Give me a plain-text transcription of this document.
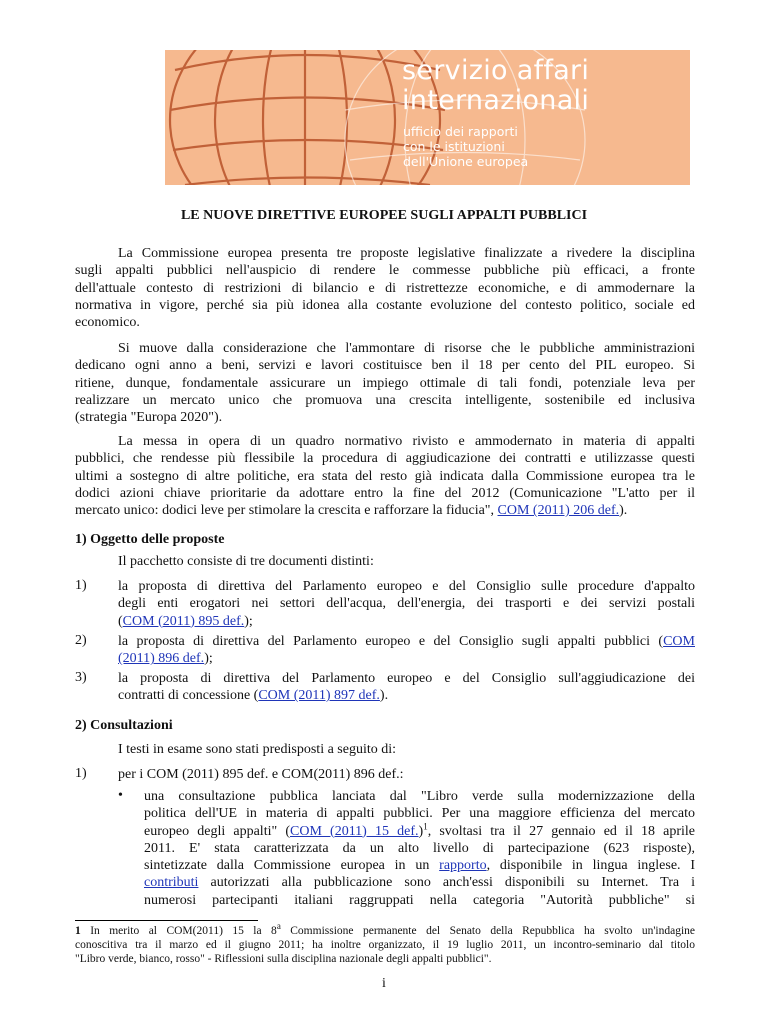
servizio affari
internazionali
ufficio dei rapporti
con le istituzioni
dell'Unione europea
LE NUOVE DIRETTIVE EUROPEE SUGLI APPALTI PUBBLICI
La Commissione europea presenta tre proposte legislative finalizzate a rivedere la disciplina
sugli appalti pubblici nell'auspicio di rendere le commesse pubbliche più efficaci, a fronte
dell'attuale contesto di restrizioni di bilancio e di ristrettezze economiche, e di ammodernare la
normativa in vigore, perché sia più idonea alla costante evoluzione del contesto politico, sociale ed
economico.
Si muove dalla considerazione che l'ammontare di risorse che le pubbliche amministrazioni
dedicano ogni anno a beni, servizi e lavori costituisce ben il 18 per cento del PIL europeo. Si
ritiene, dunque, fondamentale assicurare un impiego ottimale di tali fondi, potenziale leva per
realizzare un mercato unico che promuova una crescita intelligente, sostenibile ed inclusiva
(strategia "Europa 2020").
La messa in opera di un quadro normativo rivisto e ammodernato in materia di appalti
pubblici, che rendesse più flessibile la procedura di aggiudicazione dei contratti e utilizzasse questi
ultimi a sostegno di altre politiche, era stata del resto già indicata dalla Commissione europea tra le
dodici azioni chiave prioritarie da adottare entro la fine del 2012 (Comunicazione "L'atto per il
mercato unico: dodici leve per stimolare la crescita e rafforzare la fiducia", COM (2011) 206 def.).
1) Oggetto delle proposte
Il pacchetto consiste di tre documenti distinti:
1) la proposta di direttiva del Parlamento europeo e del Consiglio sulle procedure d'appalto
degli enti erogatori nei settori dell'acqua, dell'energia, dei trasporti e dei servizi postali
(COM (2011) 895 def.);
2) la proposta di direttiva del Parlamento europeo e del Consiglio sugli appalti pubblici (COM
(2011) 896 def.);
3) la proposta di direttiva del Parlamento europeo e del Consiglio sull'aggiudicazione dei
contratti di concessione (COM (2011) 897 def.).
2) Consultazioni
I testi in esame sono stati predisposti a seguito di:
1) per i COM (2011) 895 def. e COM(2011) 896 def.:
• una consultazione pubblica lanciata dal "Libro verde sulla modernizzazione della
politica dell'UE in materia di appalti pubblici. Per una maggiore efficienza del mercato
europeo degli appalti" (COM (2011) 15 def.)$^1$, svoltasi tra il 27 gennaio ed il 18 aprile
2011. E' stata caratterizzata da un alto livello di partecipazione (623 risposte),
sintetizzate dalla Commissione europea in un rapporto, disponibile in lingua inglese. I
contributi autorizzati alla pubblicazione sono anch'essi disponibili su Internet. Tra i
numerosi partecipanti italiani raggruppati nella categoria "Autorità pubbliche" si
1 In merito al COM(2011) 15 la 8$^a$ Commissione permanente del Senato della Repubblica ha svolto un'indagine
conoscitiva tra il marzo ed il giugno 2011; ha inoltre organizzato, il 19 luglio 2011, un incontro-seminario dal titolo
"Libro verde, bianco, rosso" - Riflessioni sulla disciplina nazionale degli appalti pubblici".
i
